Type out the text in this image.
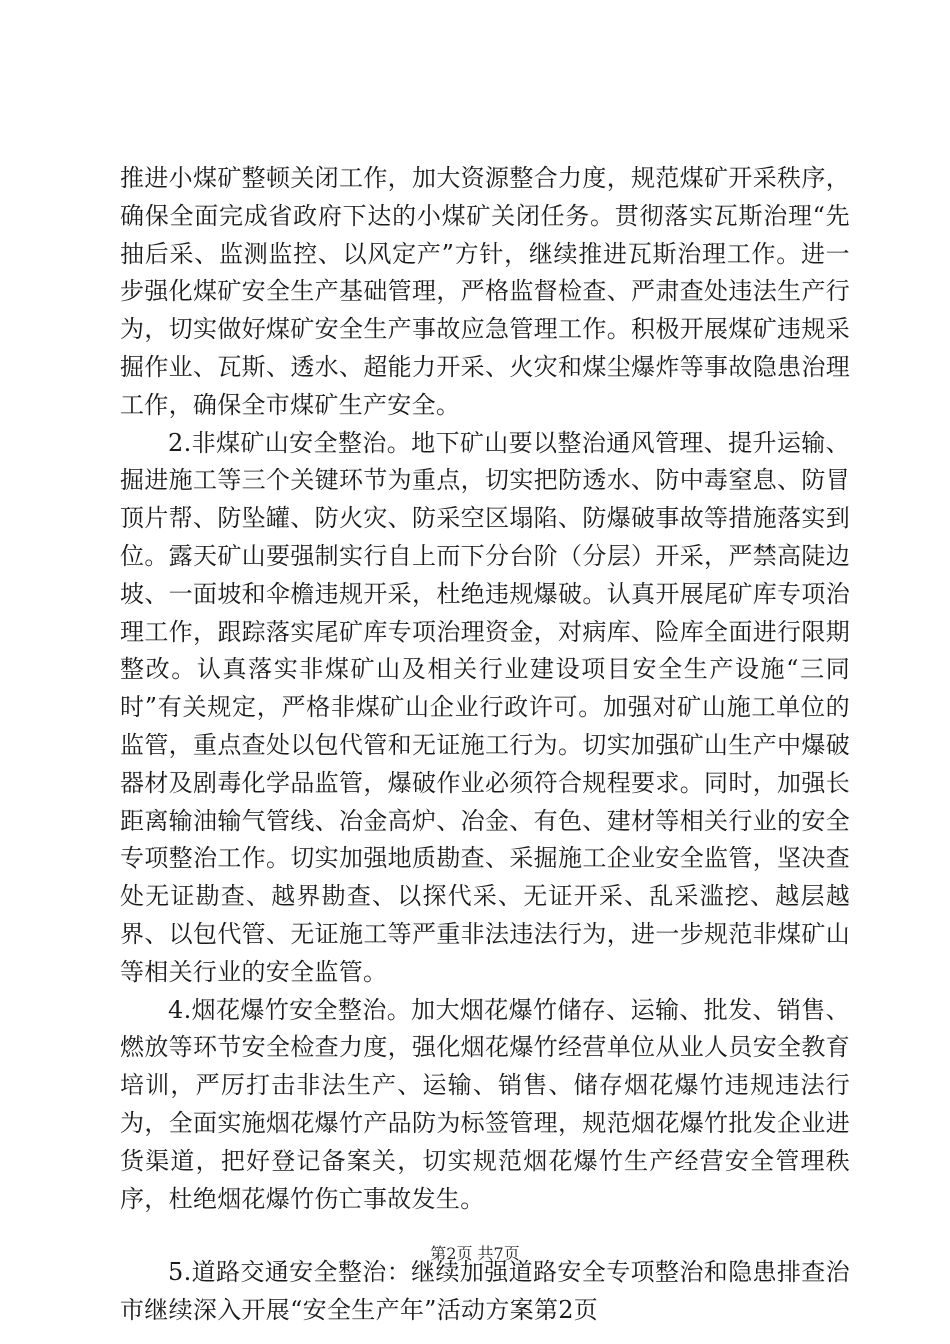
推进小煤矿整顿关闭工作，加大资源整合力度，规范煤矿开采秩序，确保全面完成省政府下达的小煤矿关闭任务。贯彻落实瓦斯治理“先抽后采、监测监控、以风定产”方针，继续推进瓦斯治理工作。进一步强化煤矿安全生产基础管理，严格监督检查、严肃查处违法生产行为，切实做好煤矿安全生产事故应急管理工作。积极开展煤矿违规采掘作业、瓦斯、透水、超能力开采、火灾和煤尘爆炸等事故隐患治理工作，确保全市煤矿生产安全。

2.非煤矿山安全整治。地下矿山要以整治通风管理、提升运输、掘进施工等三个关键环节为重点，切实把防透水、防中毒窒息、防冒顶片帮、防坠罐、防火灾、防采空区塌陷、防爆破事故等措施落实到位。露天矿山要强制实行自上而下分台阶（分层）开采，严禁高陡边坡、一面坡和伞檐违规开采，杜绝违规爆破。认真开展尾矿库专项治理工作，跟踪落实尾矿库专项治理资金，对病库、险库全面进行限期整改。认真落实非煤矿山及相关行业建设项目安全生产设施“三同时”有关规定，严格非煤矿山企业行政许可。加强对矿山施工单位的监管，重点查处以包代管和无证施工行为。切实加强矿山生产中爆破器材及剧毒化学品监管，爆破作业必须符合规程要求。同时，加强长距离输油输气管线、冶金高炉、冶金、有色、建材等相关行业的安全专项整治工作。切实加强地质勘查、采掘施工企业安全监管，坚决查处无证勘查、越界勘查、以探代采、无证开采、乱采滥挖、越层越界、以包代管、无证施工等严重非法违法行为，进一步规范非煤矿山等相关行业的安全监管。

4.烟花爆竹安全整治。加大烟花爆竹储存、运输、批发、销售、燃放等环节安全检查力度，强化烟花爆竹经营单位从业人员安全教育培训，严厉打击非法生产、运输、销售、储存烟花爆竹违规违法行为，全面实施烟花爆竹产品防为标签管理，规范烟花爆竹批发企业进货渠道，把好登记备案关，切实规范烟花爆竹生产经营安全管理秩序，杜绝烟花爆竹伤亡事故发生。

5.道路交通安全整治：继续加强道路安全专项整治和隐患排查治市继续深入开展“安全生产年”活动方案第2页

第2页 共7页
